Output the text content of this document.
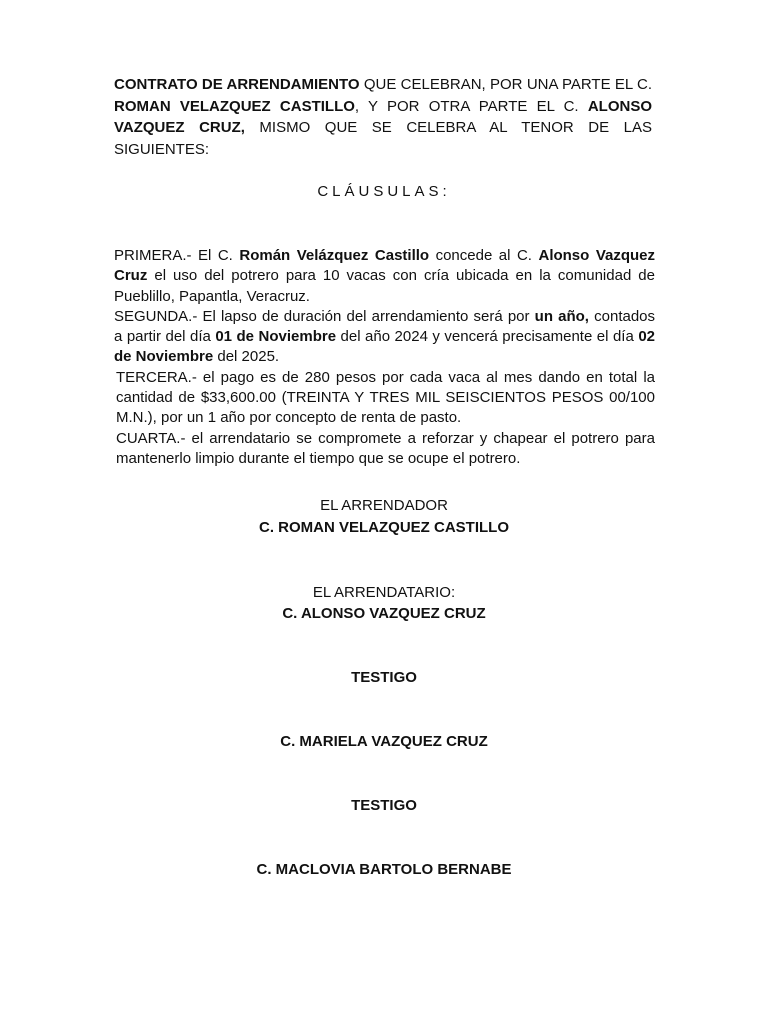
CONTRATO DE ARRENDAMIENTO QUE CELEBRAN, POR UNA PARTE EL C. ROMAN VELAZQUEZ CASTILLO, Y POR OTRA PARTE EL C. ALONSO VAZQUEZ CRUZ, MISMO QUE SE CELEBRA AL TENOR DE LAS SIGUIENTES:
CLÁUSULAS:

PRIMERA.- El C. Román Velázquez Castillo concede al C. Alonso Vazquez Cruz el uso del potrero para 10 vacas con cría ubicada en la comunidad de Pueblillo, Papantla, Veracruz.

SEGUNDA.- El lapso de duración del arrendamiento será por un año, contados a partir del día 01 de Noviembre del año 2024 y vencerá precisamente el día 02 de Noviembre del 2025.

TERCERA.- el pago es de 280 pesos por cada vaca al mes dando en total la cantidad de $33,600.00 (TREINTA Y TRES MIL SEISCIENTOS PESOS 00/100 M.N.), por un 1 año por concepto de renta de pasto.

CUARTA.- el arrendatario se compromete a reforzar y chapear el potrero para mantenerlo limpio durante el tiempo que se ocupe el potrero.

EL ARRENDADOR
C. ROMAN VELAZQUEZ CASTILLO
EL ARRENDATARIO:
C. ALONSO VAZQUEZ CRUZ
TESTIGO
C. MARIELA VAZQUEZ CRUZ
TESTIGO
C. MACLOVIA BARTOLO BERNABE
